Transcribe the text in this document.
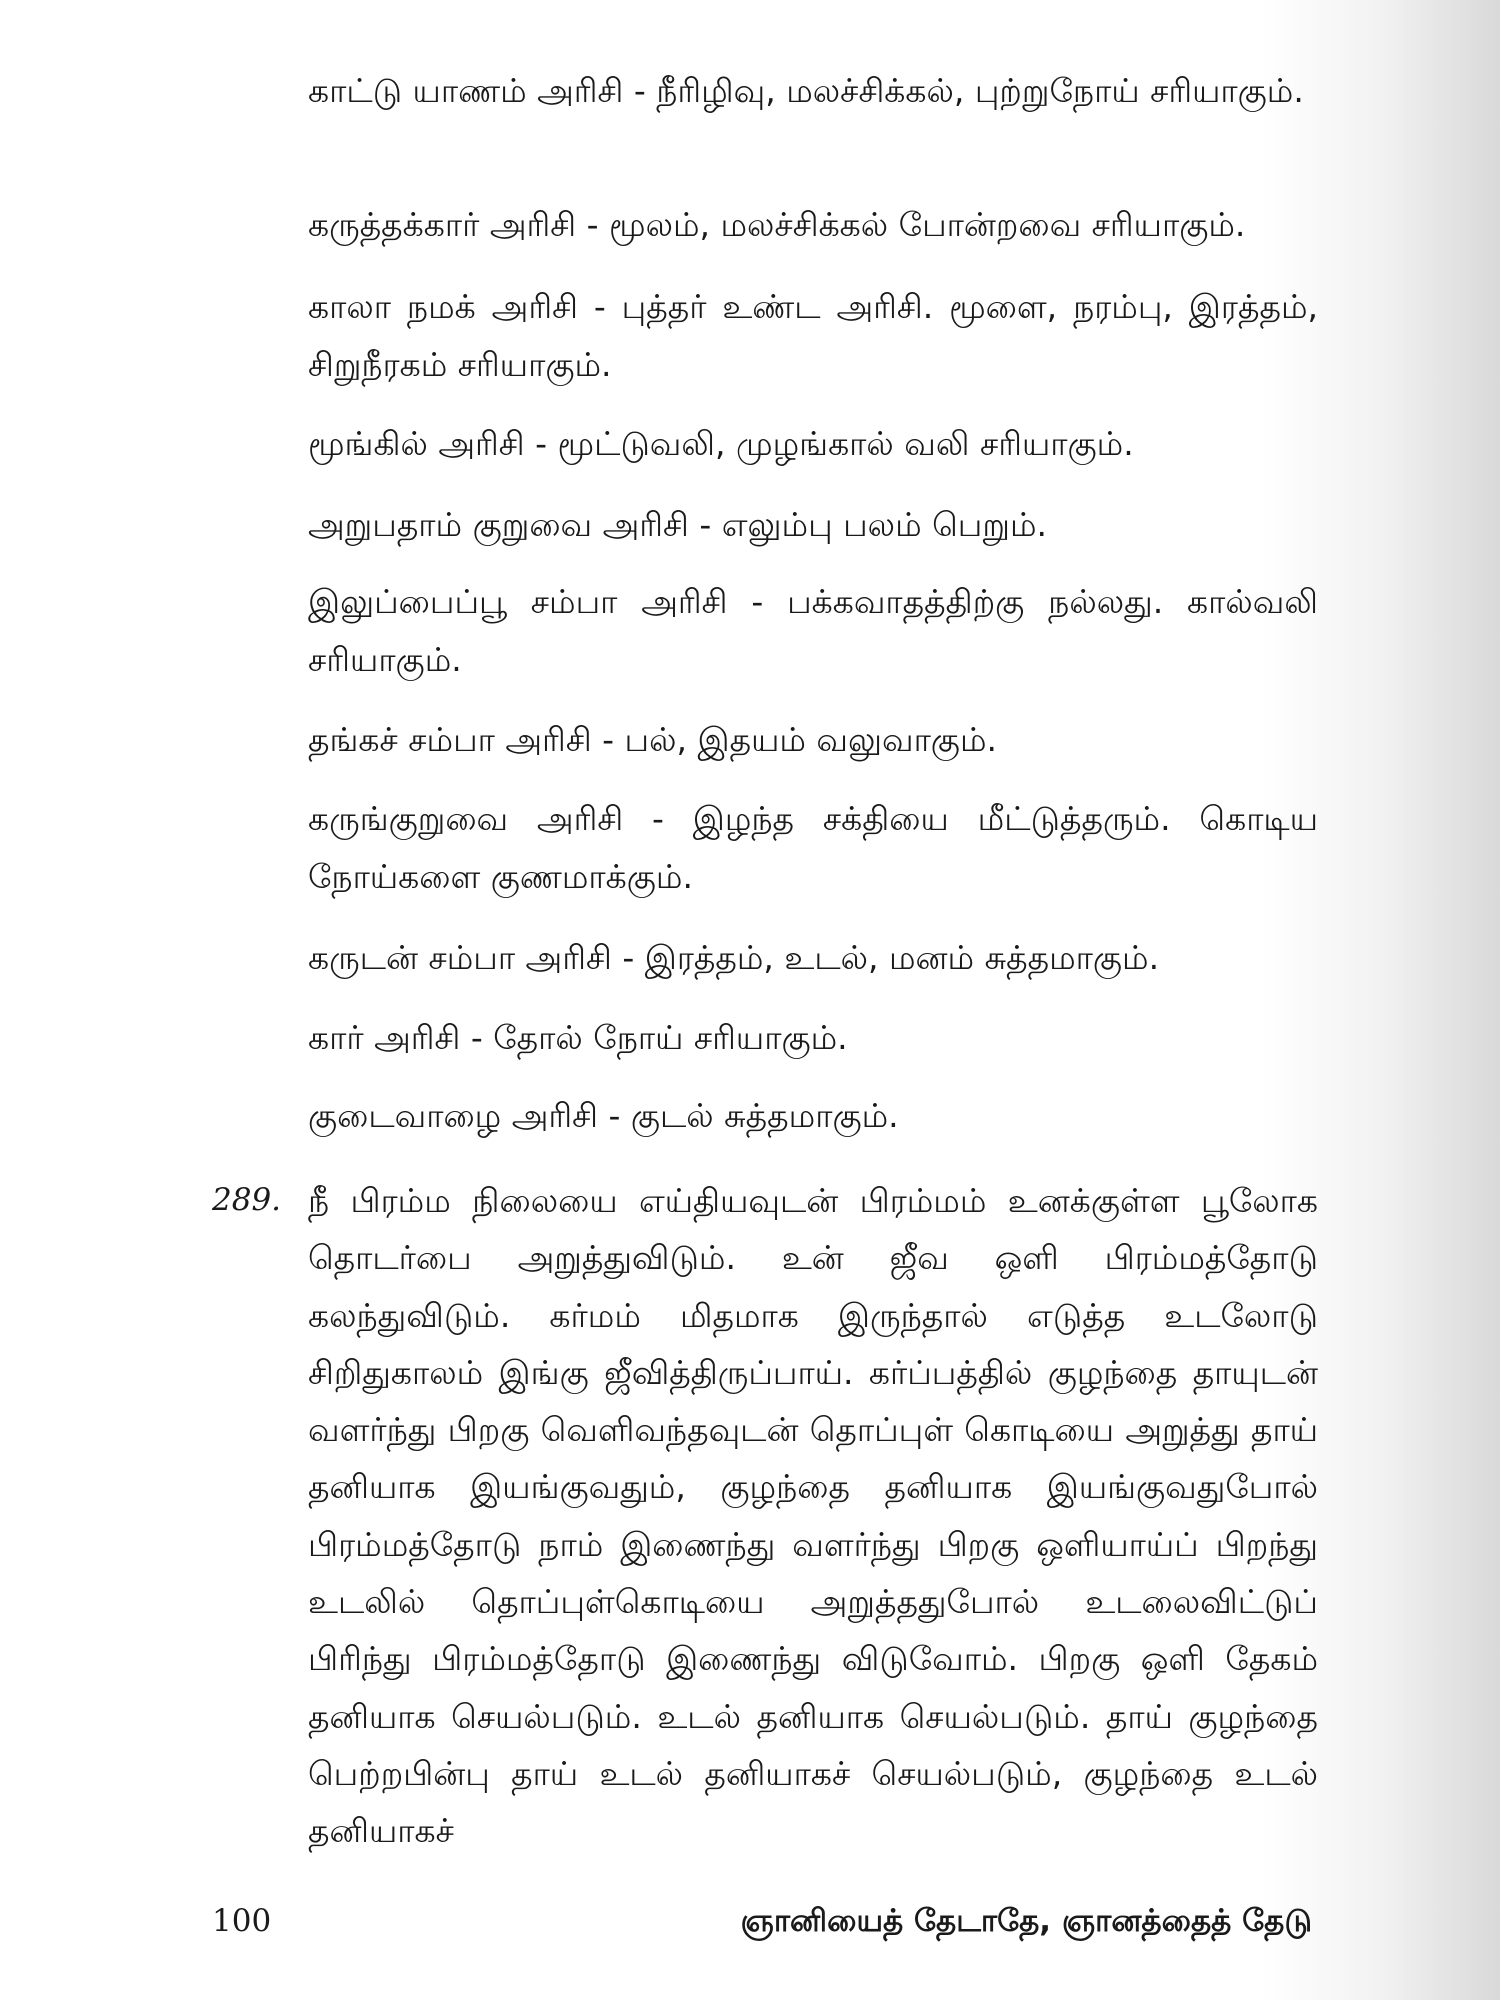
காட்டு யாணம் அரிசி - நீரிழிவு, மலச்சிக்கல், புற்றுநோய் சரியாகும்.
கருத்தக்கார் அரிசி - மூலம், மலச்சிக்கல் போன்றவை சரியாகும்.
காலா நமக் அரிசி - புத்தர் உண்ட அரிசி. மூளை, நரம்பு, இரத்தம், சிறுநீரகம் சரியாகும்.
மூங்கில் அரிசி - மூட்டுவலி, முழங்கால் வலி சரியாகும்.
அறுபதாம் குறுவை அரிசி - எலும்பு பலம் பெறும்.
இலுப்பைப்பூ சம்பா அரிசி - பக்கவாதத்திற்கு நல்லது. கால்வலி சரியாகும்.
தங்கச் சம்பா அரிசி - பல், இதயம் வலுவாகும்.
கருங்குறுவை அரிசி - இழந்த சக்தியை மீட்டுத்தரும். கொடிய நோய்களை குணமாக்கும்.
கருடன் சம்பா அரிசி - இரத்தம், உடல், மனம் சுத்தமாகும்.
கார் அரிசி - தோல் நோய் சரியாகும்.
குடைவாழை அரிசி - குடல் சுத்தமாகும்.
289. நீ பிரம்ம நிலையை எய்தியவுடன் பிரம்மம் உனக்குள்ள பூலோக தொடர்பை அறுத்துவிடும். உன் ஜீவ ஒளி பிரம்மத்தோடு கலந்துவிடும். கர்மம் மிதமாக இருந்தால் எடுத்த உடலோடு சிறிதுகாலம் இங்கு ஜீவித்திருப்பாய். கர்ப்பத்தில் குழந்தை தாயுடன் வளர்ந்து பிறகு வெளிவந்தவுடன் தொப்புள் கொடியை அறுத்து தாய் தனியாக இயங்குவதும், குழந்தை தனியாக இயங்குவதுபோல் பிரம்மத்தோடு நாம் இணைந்து வளர்ந்து பிறகு ஒளியாய்ப் பிறந்து உடலில் தொப்புள்கொடியை அறுத்ததுபோல் உடலைவிட்டுப் பிரிந்து பிரம்மத்தோடு இணைந்து விடுவோம். பிறகு ஒளி தேகம் தனியாக செயல்படும். உடல் தனியாக செயல்படும். தாய் குழந்தை பெற்றபின்பு தாய் உடல் தனியாகச் செயல்படும், குழந்தை உடல் தனியாகச்
100	ஞானியைத் தேடாதே, ஞானத்தைத் தேடு
